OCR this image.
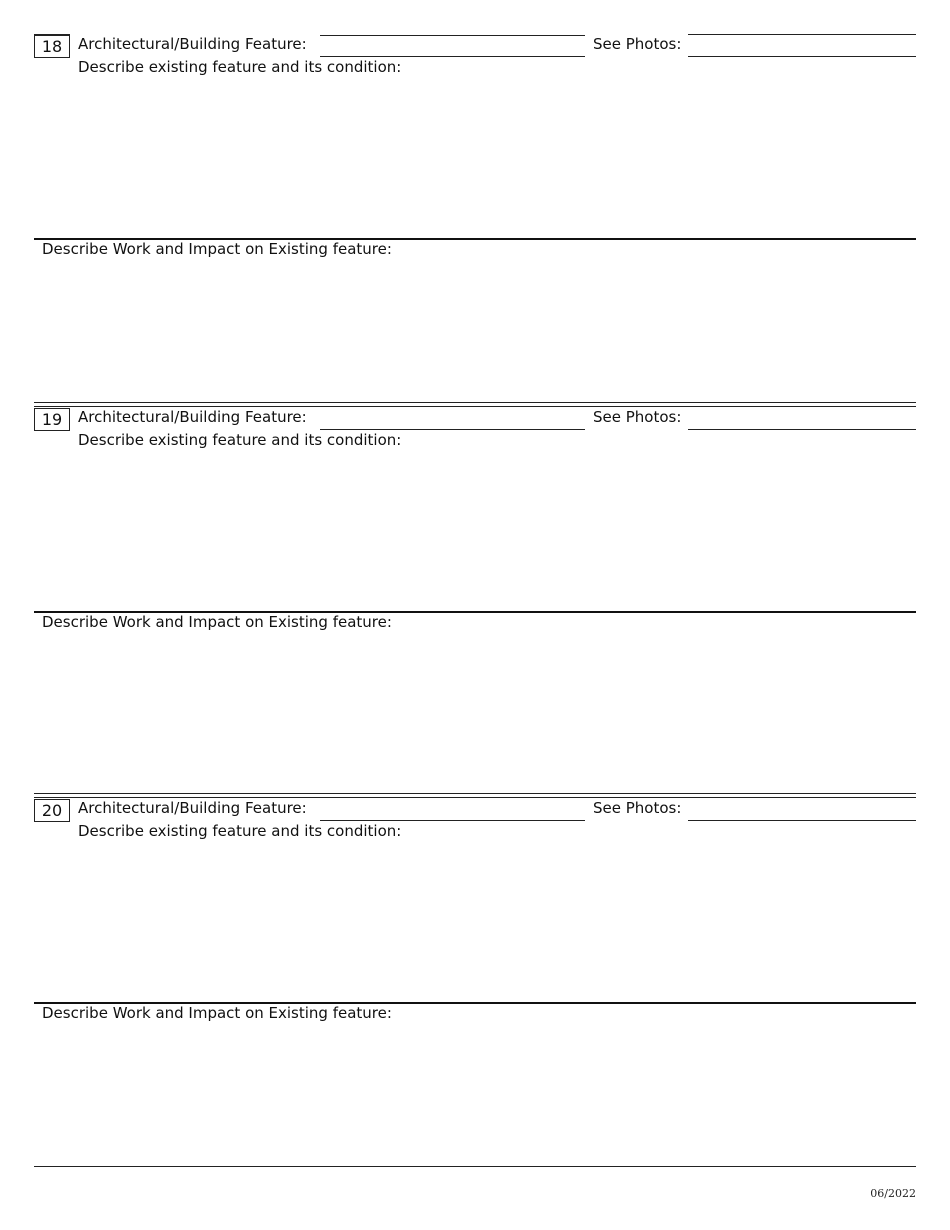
18	Architectural/Building Feature:	See Photos:
Describe existing feature and its condition:
Describe Work and Impact on Existing feature:
19	Architectural/Building Feature:	See Photos:
Describe existing feature and its condition:
Describe Work and Impact on Existing feature:
20	Architectural/Building Feature:	See Photos:
Describe existing feature and its condition:
Describe Work and Impact on Existing feature:
06/2022
